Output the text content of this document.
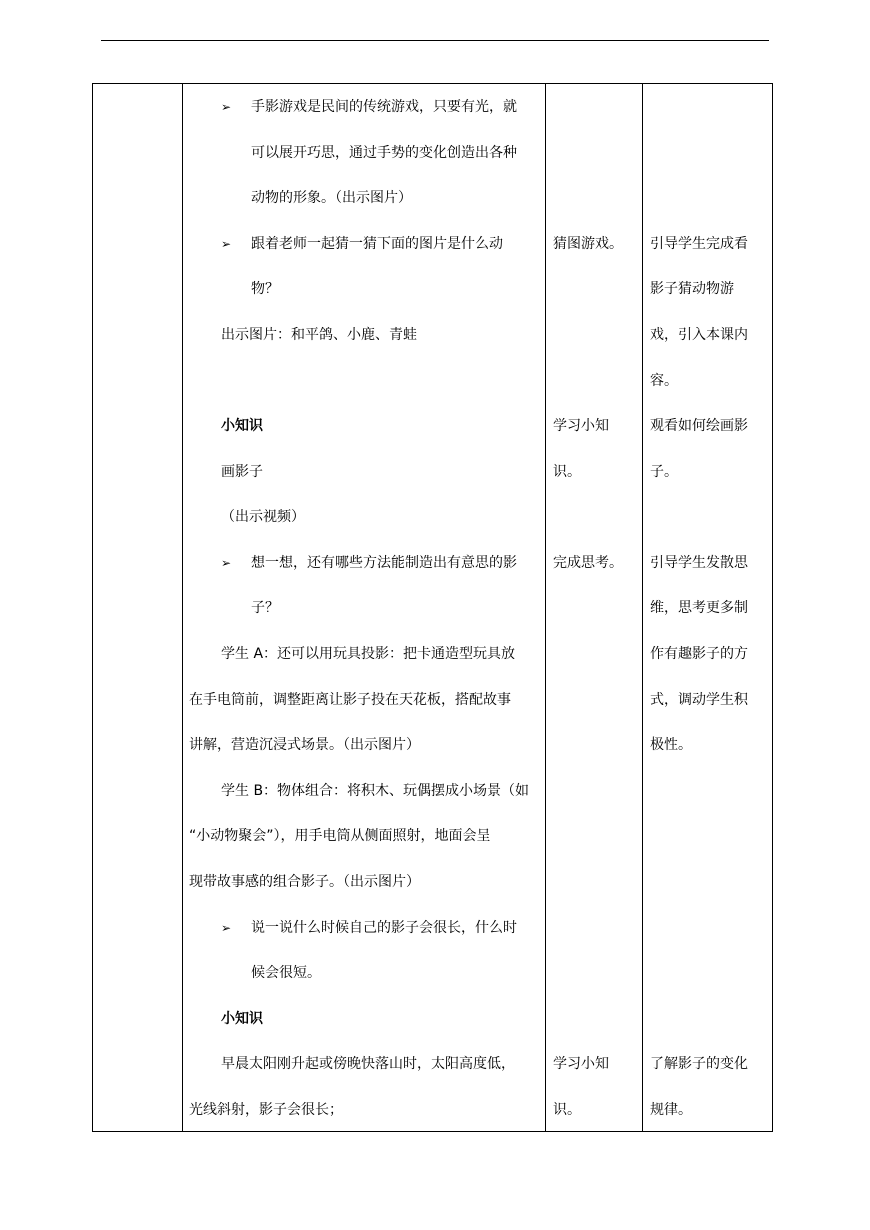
➢ 手影游戏是民间的传统游戏，只要有光，就
可以展开巧思，通过手势的变化创造出各种
动物的形象。（出示图片）
➢ 跟着老师一起猜一猜下面的图片是什么动
物？
出示图片：和平鸽、小鹿、青蛙
小知识
画影子
（出示视频）
➢ 想一想，还有哪些方法能制造出有意思的影
子？
学生 A：还可以用玩具投影：把卡通造型玩具放
在手电筒前，调整距离让影子投在天花板，搭配故事
讲解，营造沉浸式场景。（出示图片）
学生 B：物体组合：将积木、玩偶摆成小场景（如
“小动物聚会”），用手电筒从侧面照射，地面会呈
现带故事感的组合影子。（出示图片）
➢ 说一说什么时候自己的影子会很长，什么时
候会很短。
小知识
早晨太阳刚升起或傍晚快落山时，太阳高度低，
光线斜射，影子会很长；
猜图游戏。
学习小知
识。
完成思考。
学习小知
识。
引导学生完成看
影子猜动物游
戏，引入本课内
容。
观看如何绘画影
子。
引导学生发散思
维，思考更多制
作有趣影子的方
式，调动学生积
极性。
了解影子的变化
规律。
